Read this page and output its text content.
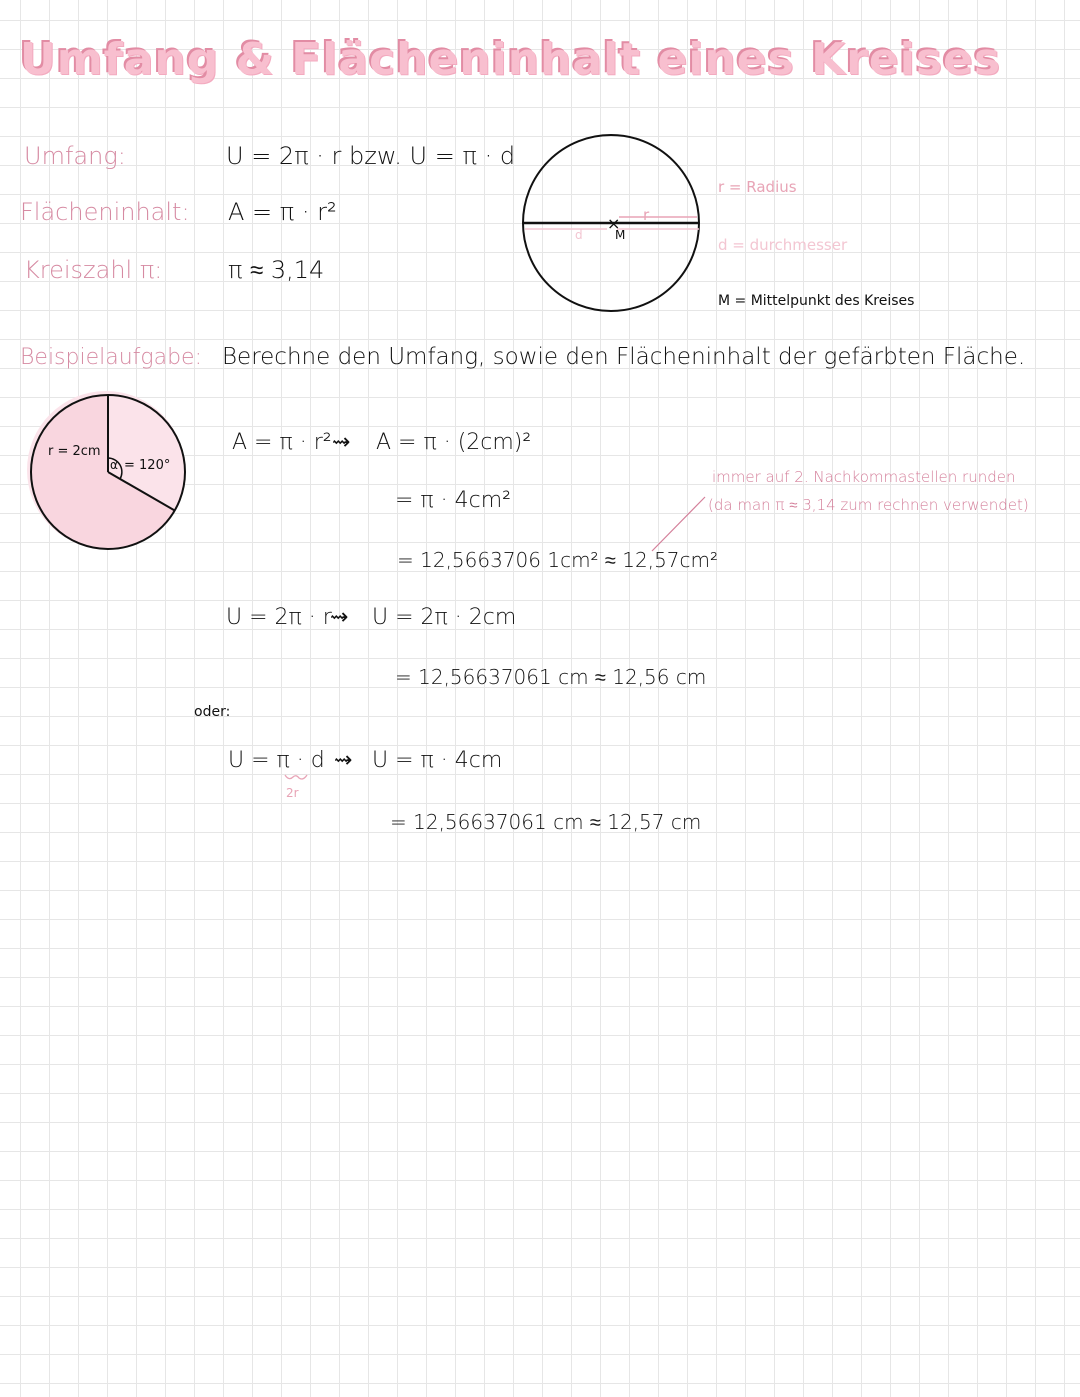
Umfang & Flächeninhalt eines Kreises
Umfang:	U = 2π · r bzw. U = π · d
Flächeninhalt: A = π · r²
Kreiszahl π:	π ≈ 3,14
× r
d	M
r = Radius
d = durchmesser
M = Mittelpunkt des Kreises
Beispielaufgabe: Berechne den Umfang, sowie den Flächeninhalt der gefärbten Fläche.
r = 2cm
α = 120°
A = π · r² ⇝ A = π · (2cm)²
= π · 4cm²
= 12,5663706 1cm² ≈ 12,57cm²
immer auf 2. Nachkommastellen runden
(da man π ≈ 3,14 zum rechnen verwendet)
U = 2π · r
⇝ U = 2π · 2cm
= 12,56637061 cm ≈ 12,56 cm
oder:
U = π · d
2r
⇝ U = π · 4cm
= 12,56637061 cm ≈ 12,57 cm
